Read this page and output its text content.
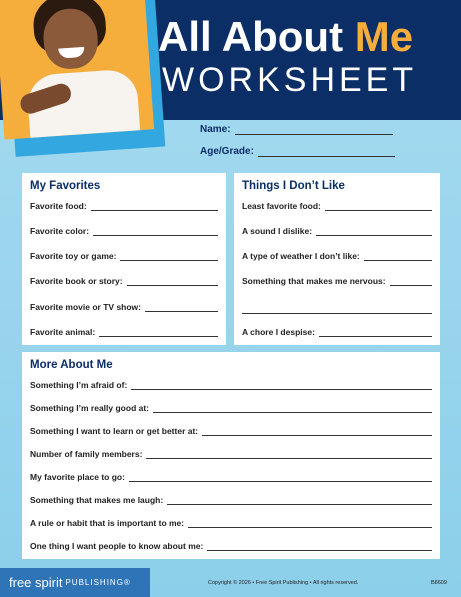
All About Me
WORKSHEET
Name:
Age/Grade:
My Favorites
Favorite food:
Favorite color:
Favorite toy or game:
Favorite book or story:
Favorite movie or TV show:
Favorite animal:
Things I Don’t Like
Least favorite food:
A sound I dislike:
A type of weather I don’t like:
Something that makes me nervous:
A chore I despise:
More About Me
Something I’m afraid of:
Something I’m really good at:
Something I want to learn or get better at:
Number of family members:
My favorite place to go:
Something that makes me laugh:
A rule or habit that is important to me:
One thing I want people to know about me:
free spirit PUBLISHING®	Copyright © 2026 • Free Spirit Publishing • All rights reserved.	B8609
